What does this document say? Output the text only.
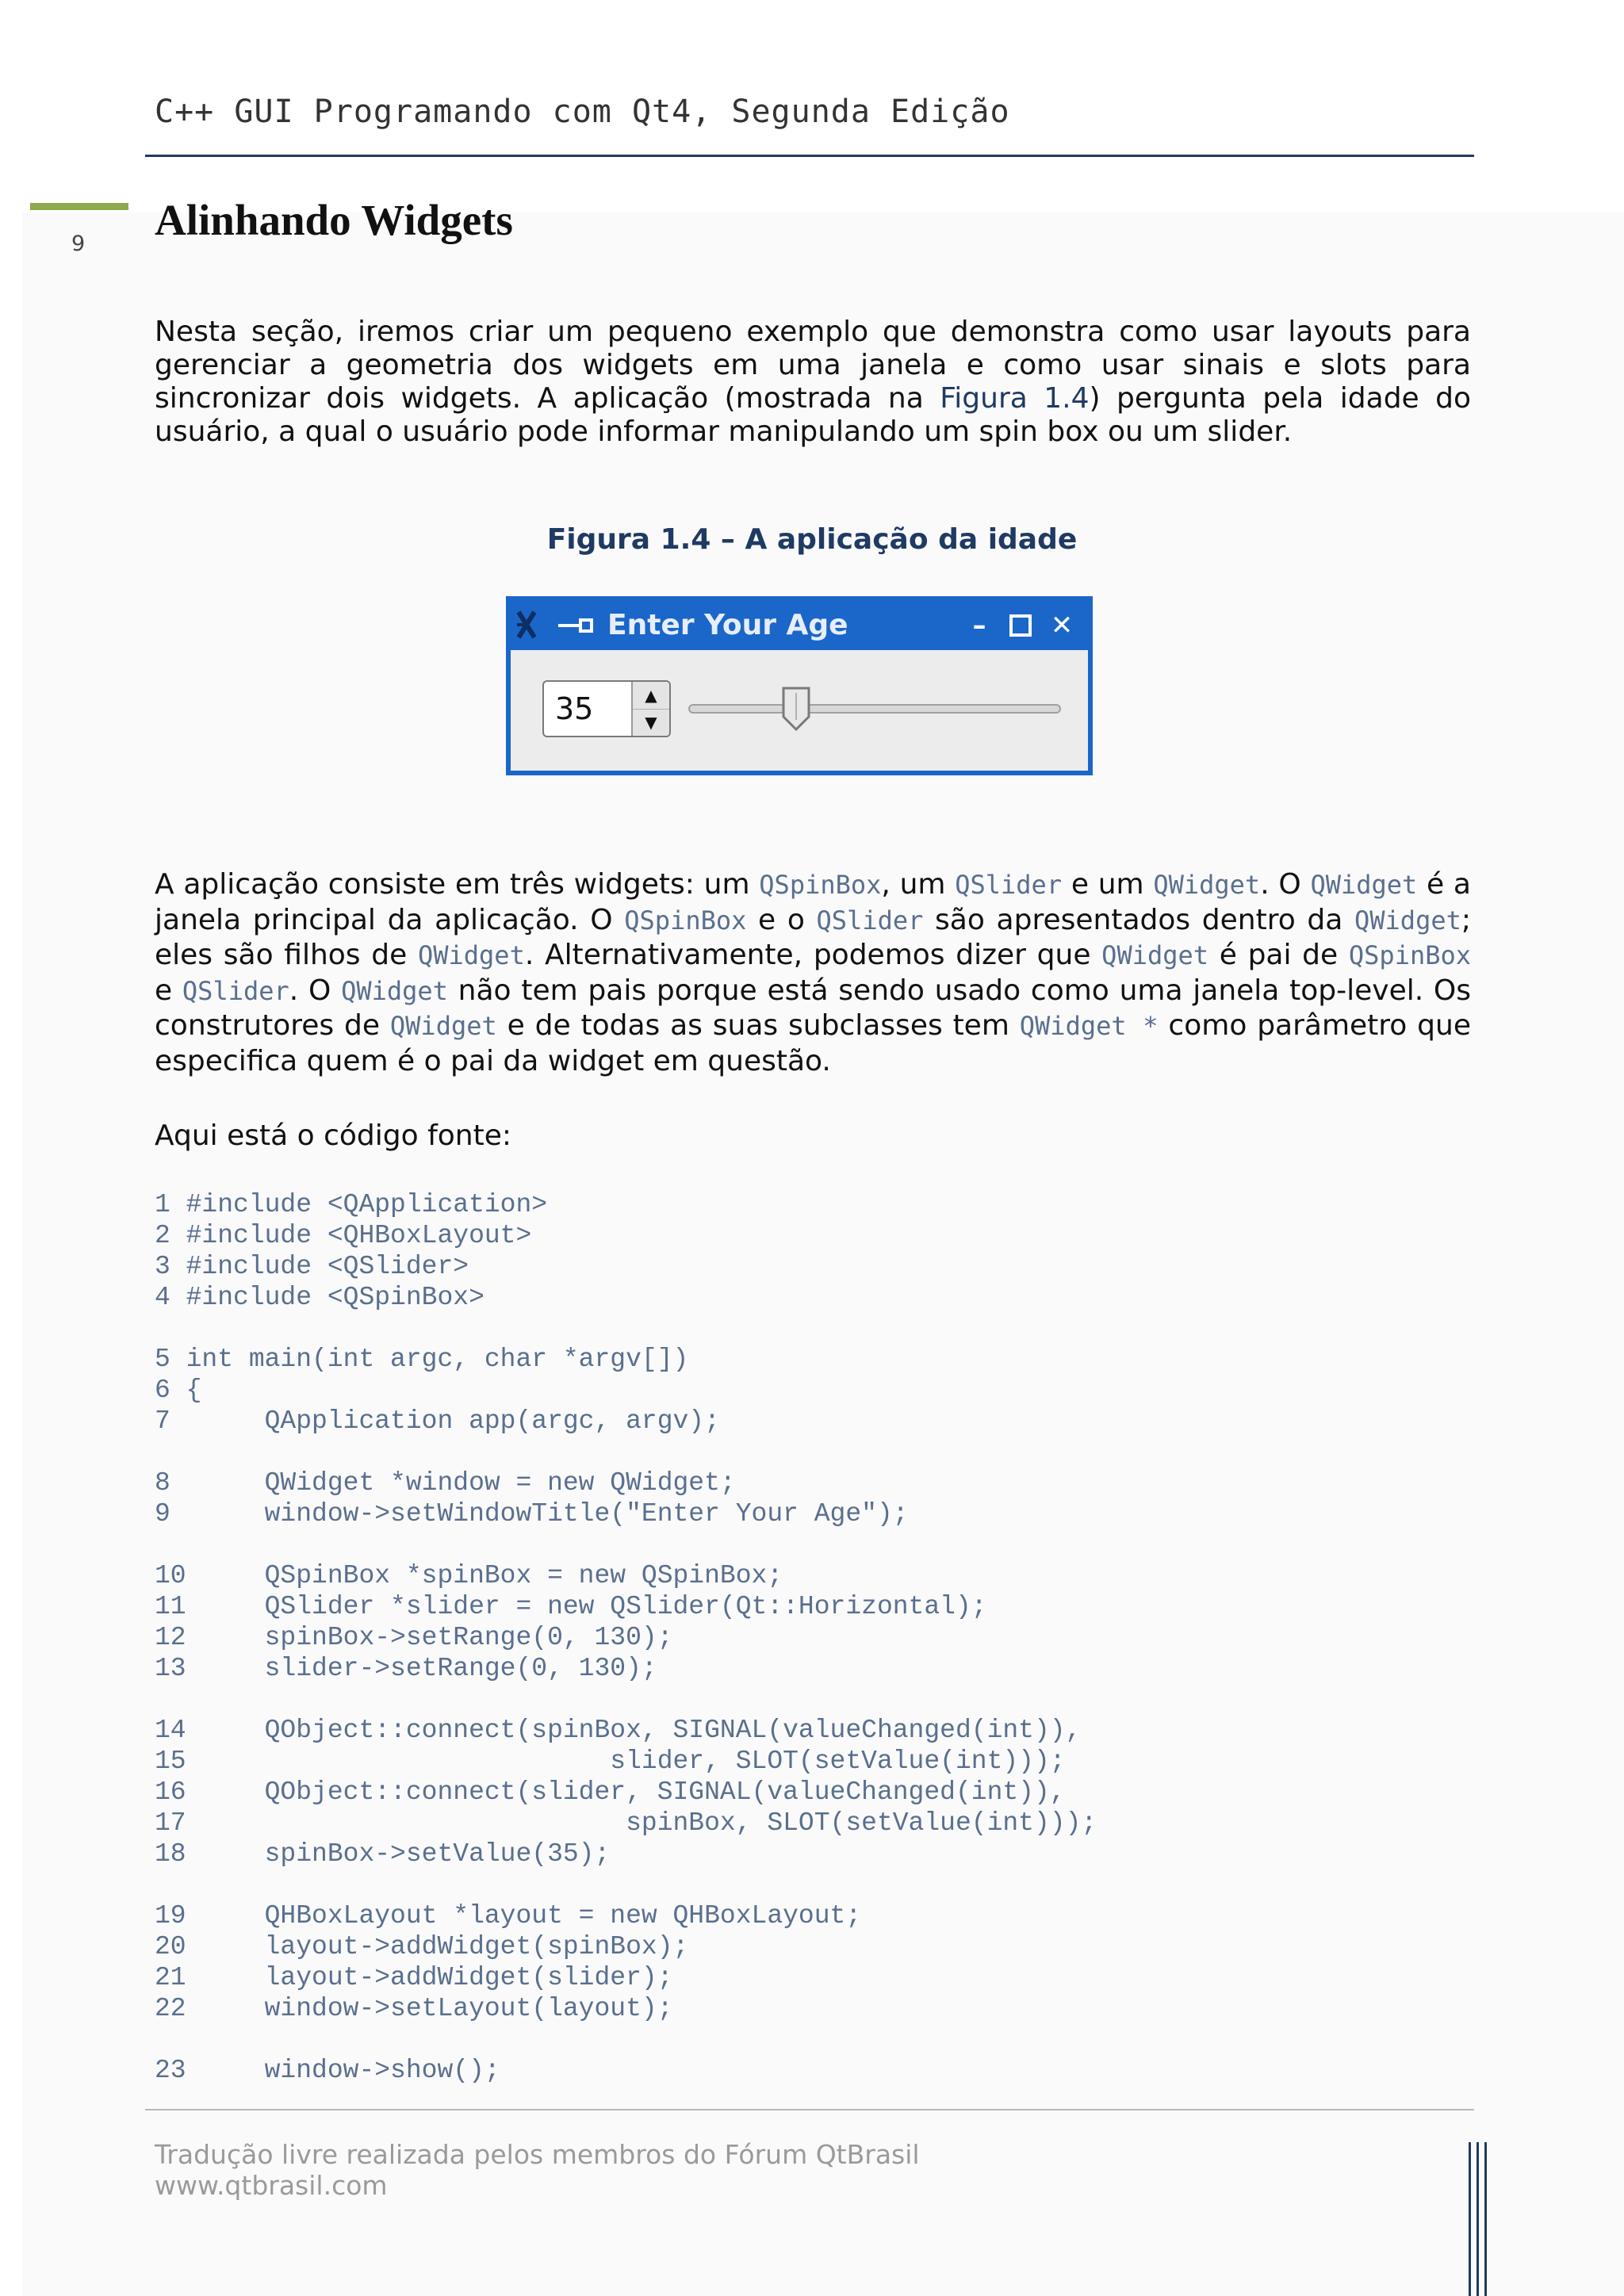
C++ GUI Programando com Qt4, Segunda Edição
9 Alinhando Widgets
Nesta seção, iremos criar um pequeno exemplo que demonstra como usar layouts para gerenciar a geometria dos widgets em uma janela e como usar sinais e slots para sincronizar dois widgets. A aplicação (mostrada na Figura 1.4) pergunta pela idade do usuário, a qual o usuário pode informar manipulando um spin box ou um slider.
Figura 1.4 – A aplicação da idade
Enter Your Age	– ✕
35	▲
▼
A aplicação consiste em três widgets: um QSpinBox, um QSlider e um QWidget. O QWidget é a janela principal da aplicação. O QSpinBox e o QSlider são apresentados dentro da QWidget; eles são filhos de QWidget. Alternativamente, podemos dizer que QWidget é pai de QSpinBox e QSlider. O QWidget não tem pais porque está sendo usado como uma janela top-level. Os construtores de QWidget e de todas as suas subclasses tem QWidget * como parâmetro que especifica quem é o pai da widget em questão.
Aqui está o código fonte:
1 #include <QApplication>
2 #include <QHBoxLayout>
3 #include <QSlider>
4 #include <QSpinBox>
5 int main(int argc, char *argv[])
6 {
7      QApplication app(argc, argv);
8      QWidget *window = new QWidget;
9      window->setWindowTitle("Enter Your Age");
10     QSpinBox *spinBox = new QSpinBox;
11     QSlider *slider = new QSlider(Qt::Horizontal);
12     spinBox->setRange(0, 130);
13     slider->setRange(0, 130);
14     QObject::connect(spinBox, SIGNAL(valueChanged(int)),
15                           slider, SLOT(setValue(int)));
16     QObject::connect(slider, SIGNAL(valueChanged(int)),
17                            spinBox, SLOT(setValue(int)));
18     spinBox->setValue(35);
19     QHBoxLayout *layout = new QHBoxLayout;
20     layout->addWidget(spinBox);
21     layout->addWidget(slider);
22     window->setLayout(layout);
23     window->show();
Tradução livre realizada pelos membros do Fórum QtBrasil
www.qtbrasil.com
